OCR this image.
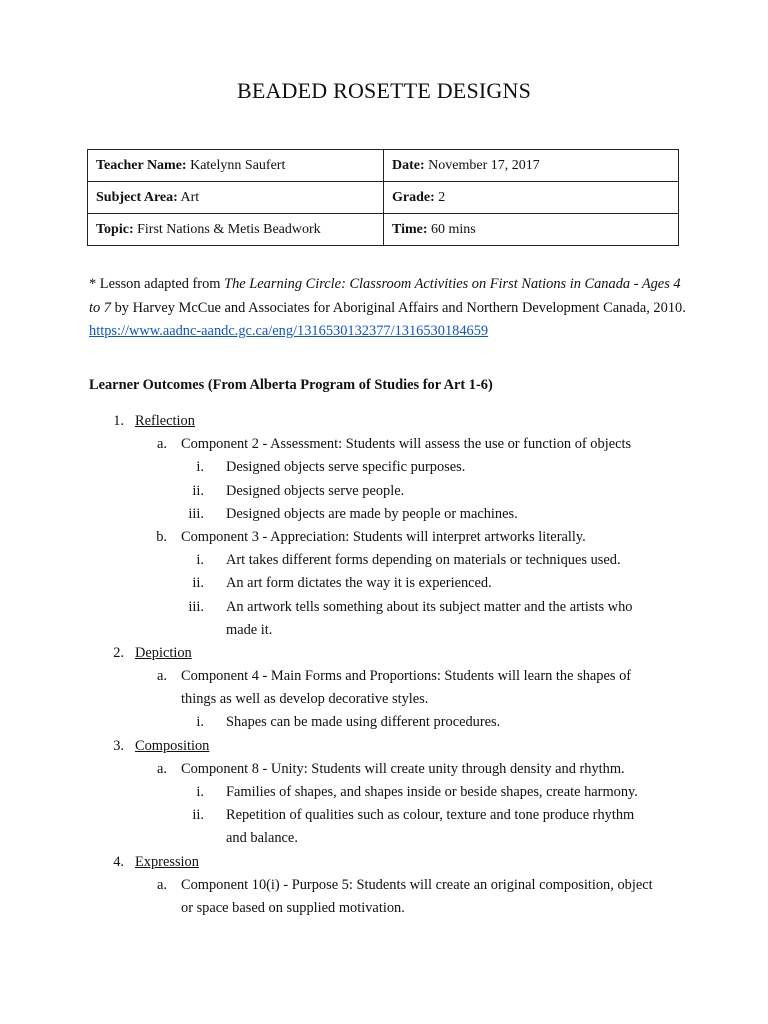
BEADED ROSETTE DESIGNS
Teacher Name: Katelynn Saufert	Date: November 17, 2017
Subject Area: Art	Grade: 2
Topic: First Nations & Metis Beadwork	Time: 60 mins
* Lesson adapted from The Learning Circle: Classroom Activities on First Nations in Canada - Ages 4 to 7 by Harvey McCue and Associates for Aboriginal Affairs and Northern Development Canada, 2010. https://www.aadnc-aandc.gc.ca/eng/1316530132377/1316530184659
Learner Outcomes (From Alberta Program of Studies for Art 1-6)
1. Reflection
a. Component 2 - Assessment: Students will assess the use or function of objects
i. Designed objects serve specific purposes.
ii. Designed objects serve people.
iii. Designed objects are made by people or machines.
b. Component 3 - Appreciation: Students will interpret artworks literally.
i. Art takes different forms depending on materials or techniques used.
ii. An art form dictates the way it is experienced.
iii. An artwork tells something about its subject matter and the artists who
made it.
2. Depiction
a. Component 4 - Main Forms and Proportions: Students will learn the shapes of
things as well as develop decorative styles.
i. Shapes can be made using different procedures.
3. Composition
a. Component 8 - Unity: Students will create unity through density and rhythm.
i. Families of shapes, and shapes inside or beside shapes, create harmony.
ii. Repetition of qualities such as colour, texture and tone produce rhythm
and balance.
4. Expression
a. Component 10(i) - Purpose 5: Students will create an original composition, object
or space based on supplied motivation.
